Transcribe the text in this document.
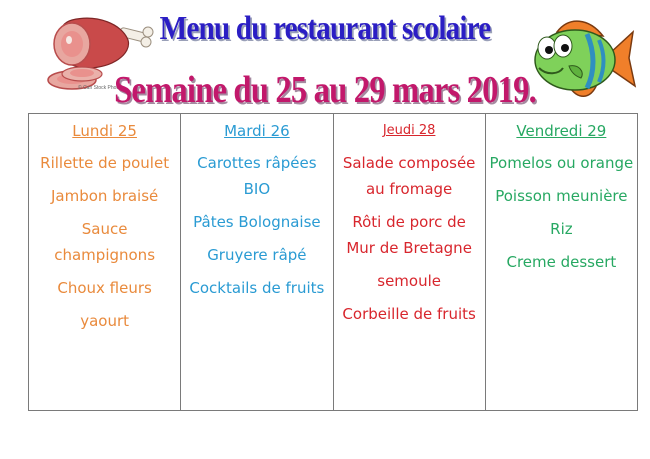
© Can Stock Photo
Menu du restaurant scolaire
Semaine du 25 au 29 mars 2019.
Lundi 25
Rillette de poulet
Jambon braisé
Sauce champignons
Choux fleurs
yaourt

Mardi 26
Carottes râpées BIO
Pâtes Bolognaise
Gruyere râpé
Cocktails de fruits

Jeudi 28
Salade composée au fromage
Rôti de porc de Mur de Bretagne
semoule
Corbeille de fruits

Vendredi 29
Pomelos ou orange
Poisson meunière
Riz
Creme dessert
